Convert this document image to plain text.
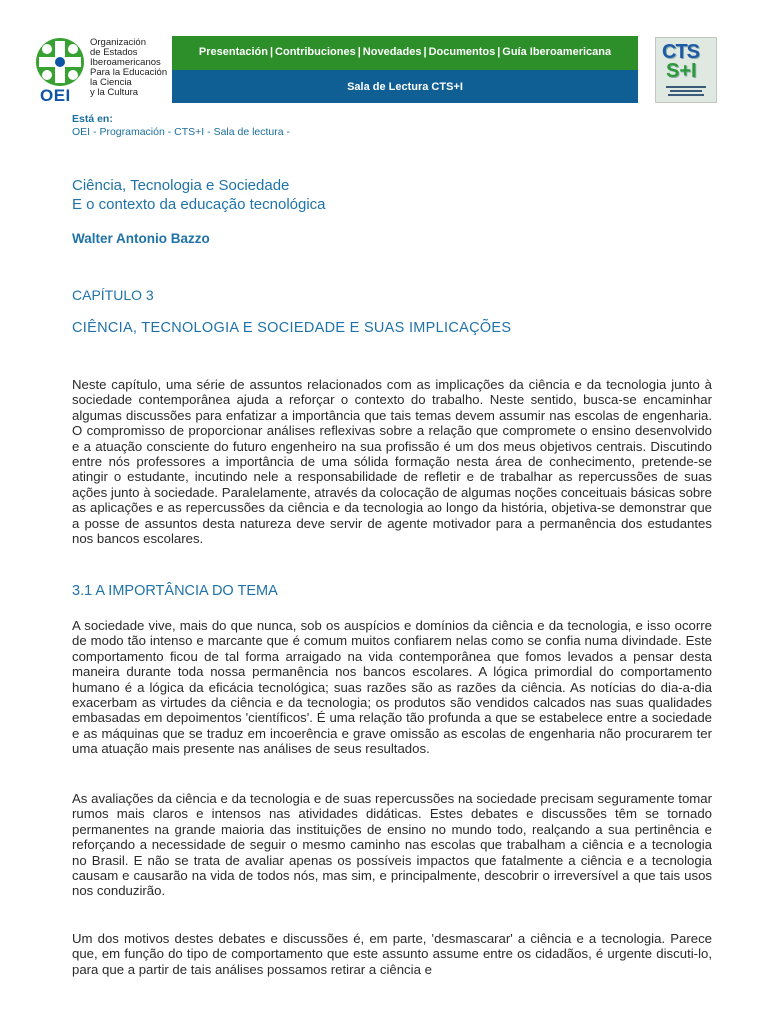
OEI
Organización
de Estados
Iberoamericanos
Para la Educación
la Ciencia
y la Cultura
Presentación | Contribuciones | Novedades | Documentos | Guía Iberoamericana
Sala de Lectura CTS+I
CTS
S+I
Está en:
OEI - Programación - CTS+I - Sala de lectura -
Ciência, Tecnologia e Sociedade
E o contexto da educação tecnológica
Walter Antonio Bazzo
CAPÍTULO 3
CIÊNCIA, TECNOLOGIA E SOCIEDADE E SUAS IMPLICAÇÕES
Neste capítulo, uma série de assuntos relacionados com as implicações da ciência e da tecnologia junto à sociedade contemporânea ajuda a reforçar o contexto do trabalho. Neste sentido, busca-se encaminhar algumas discussões para enfatizar a importância que tais temas devem assumir nas escolas de engenharia. O compromisso de proporcionar análises reflexivas sobre a relação que compromete o ensino desenvolvido e a atuação consciente do futuro engenheiro na sua profissão é um dos meus objetivos centrais. Discutindo entre nós professores a importância de uma sólida formação nesta área de conhecimento, pretende-se atingir o estudante, incutindo nele a responsabilidade de refletir e de trabalhar as repercussões de suas ações junto à sociedade. Paralelamente, através da colocação de algumas noções conceituais básicas sobre as aplicações e as repercussões da ciência e da tecnologia ao longo da história, objetiva-se demonstrar que a posse de assuntos desta natureza deve servir de agente motivador para a permanência dos estudantes nos bancos escolares.
3.1 A IMPORTÂNCIA DO TEMA
A sociedade vive, mais do que nunca, sob os auspícios e domínios da ciência e da tecnologia, e isso ocorre de modo tão intenso e marcante que é comum muitos confiarem nelas como se confia numa divindade. Este comportamento ficou de tal forma arraigado na vida contemporânea que fomos levados a pensar desta maneira durante toda nossa permanência nos bancos escolares. A lógica primordial do comportamento humano é a lógica da eficácia tecnológica; suas razões são as razões da ciência. As notícias do dia-a-dia exacerbam as virtudes da ciência e da tecnologia; os produtos são vendidos calcados nas suas qualidades embasadas em depoimentos 'científicos'. É uma relação tão profunda a que se estabelece entre a sociedade e as máquinas que se traduz em incoerência e grave omissão as escolas de engenharia não procurarem ter uma atuação mais presente nas análises de seus resultados.
As avaliações da ciência e da tecnologia e de suas repercussões na sociedade precisam seguramente tomar rumos mais claros e intensos nas atividades didáticas. Estes debates e discussões têm se tornado permanentes na grande maioria das instituições de ensino no mundo todo, realçando a sua pertinência e reforçando a necessidade de seguir o mesmo caminho nas escolas que trabalham a ciência e a tecnologia no Brasil. E não se trata de avaliar apenas os possíveis impactos que fatalmente a ciência e a tecnologia causam e causarão na vida de todos nós, mas sim, e principalmente, descobrir o irreversível a que tais usos nos conduzirão.
Um dos motivos destes debates e discussões é, em parte, 'desmascarar' a ciência e a tecnologia. Parece que, em função do tipo de comportamento que este assunto assume entre os cidadãos, é urgente discuti-lo, para que a partir de tais análises possamos retirar a ciência e
